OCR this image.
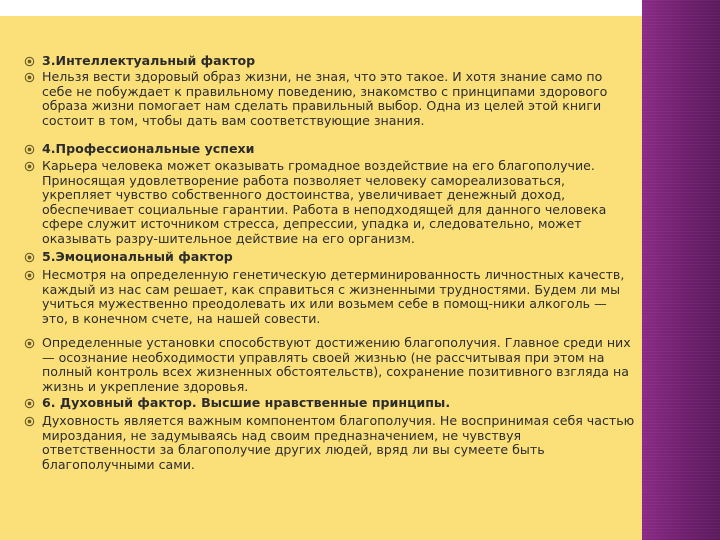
3.Интеллектуальный фактор
Нельзя вести здоровый образ жизни, не зная, что это такое. И хотя знание само по себе не побуждает к правильному поведению, знакомство с принципами здорового образа жизни помогает нам сделать правильный выбор. Одна из целей этой книги состоит в том, чтобы дать вам соответствующие знания.
4.Профессиональные успехи
Карьера человека может оказывать громадное воздействие на его благополучие. Приносящая удовлетворение работа позволяет человеку самореализоваться, укрепляет чувство собственного достоинства, увеличивает денежный доход, обеспечивает социальные гарантии. Работа в неподходящей для данного человека сфере служит источником стресса, депрессии, упадка и, следовательно, может оказывать разру-шительное действие на его организм.
5.Эмоциональный фактор
Несмотря на определенную генетическую детерминированность личностных качеств, каждый из нас сам решает, как справиться с жизненными трудностями. Будем ли мы учиться мужественно преодолевать их или возьмем себе в помощ-ники алкоголь — это, в конечном счете, на нашей совести.
Определенные установки способствуют достижению благополучия. Главное среди них — осознание необходимости управлять своей жизнью (не рассчитывая при этом на полный контроль всех жизненных обстоятельств), сохранение позитивного взгляда на жизнь и укрепление здоровья.
6. Духовный фактор. Высшие нравственные принципы.
Духовность является важным компонентом благополучия. Не воспринимая себя частью мироздания, не задумываясь над своим предназначением, не чувствуя ответственности за благополучие других людей, вряд ли вы сумеете быть благополучными сами.
